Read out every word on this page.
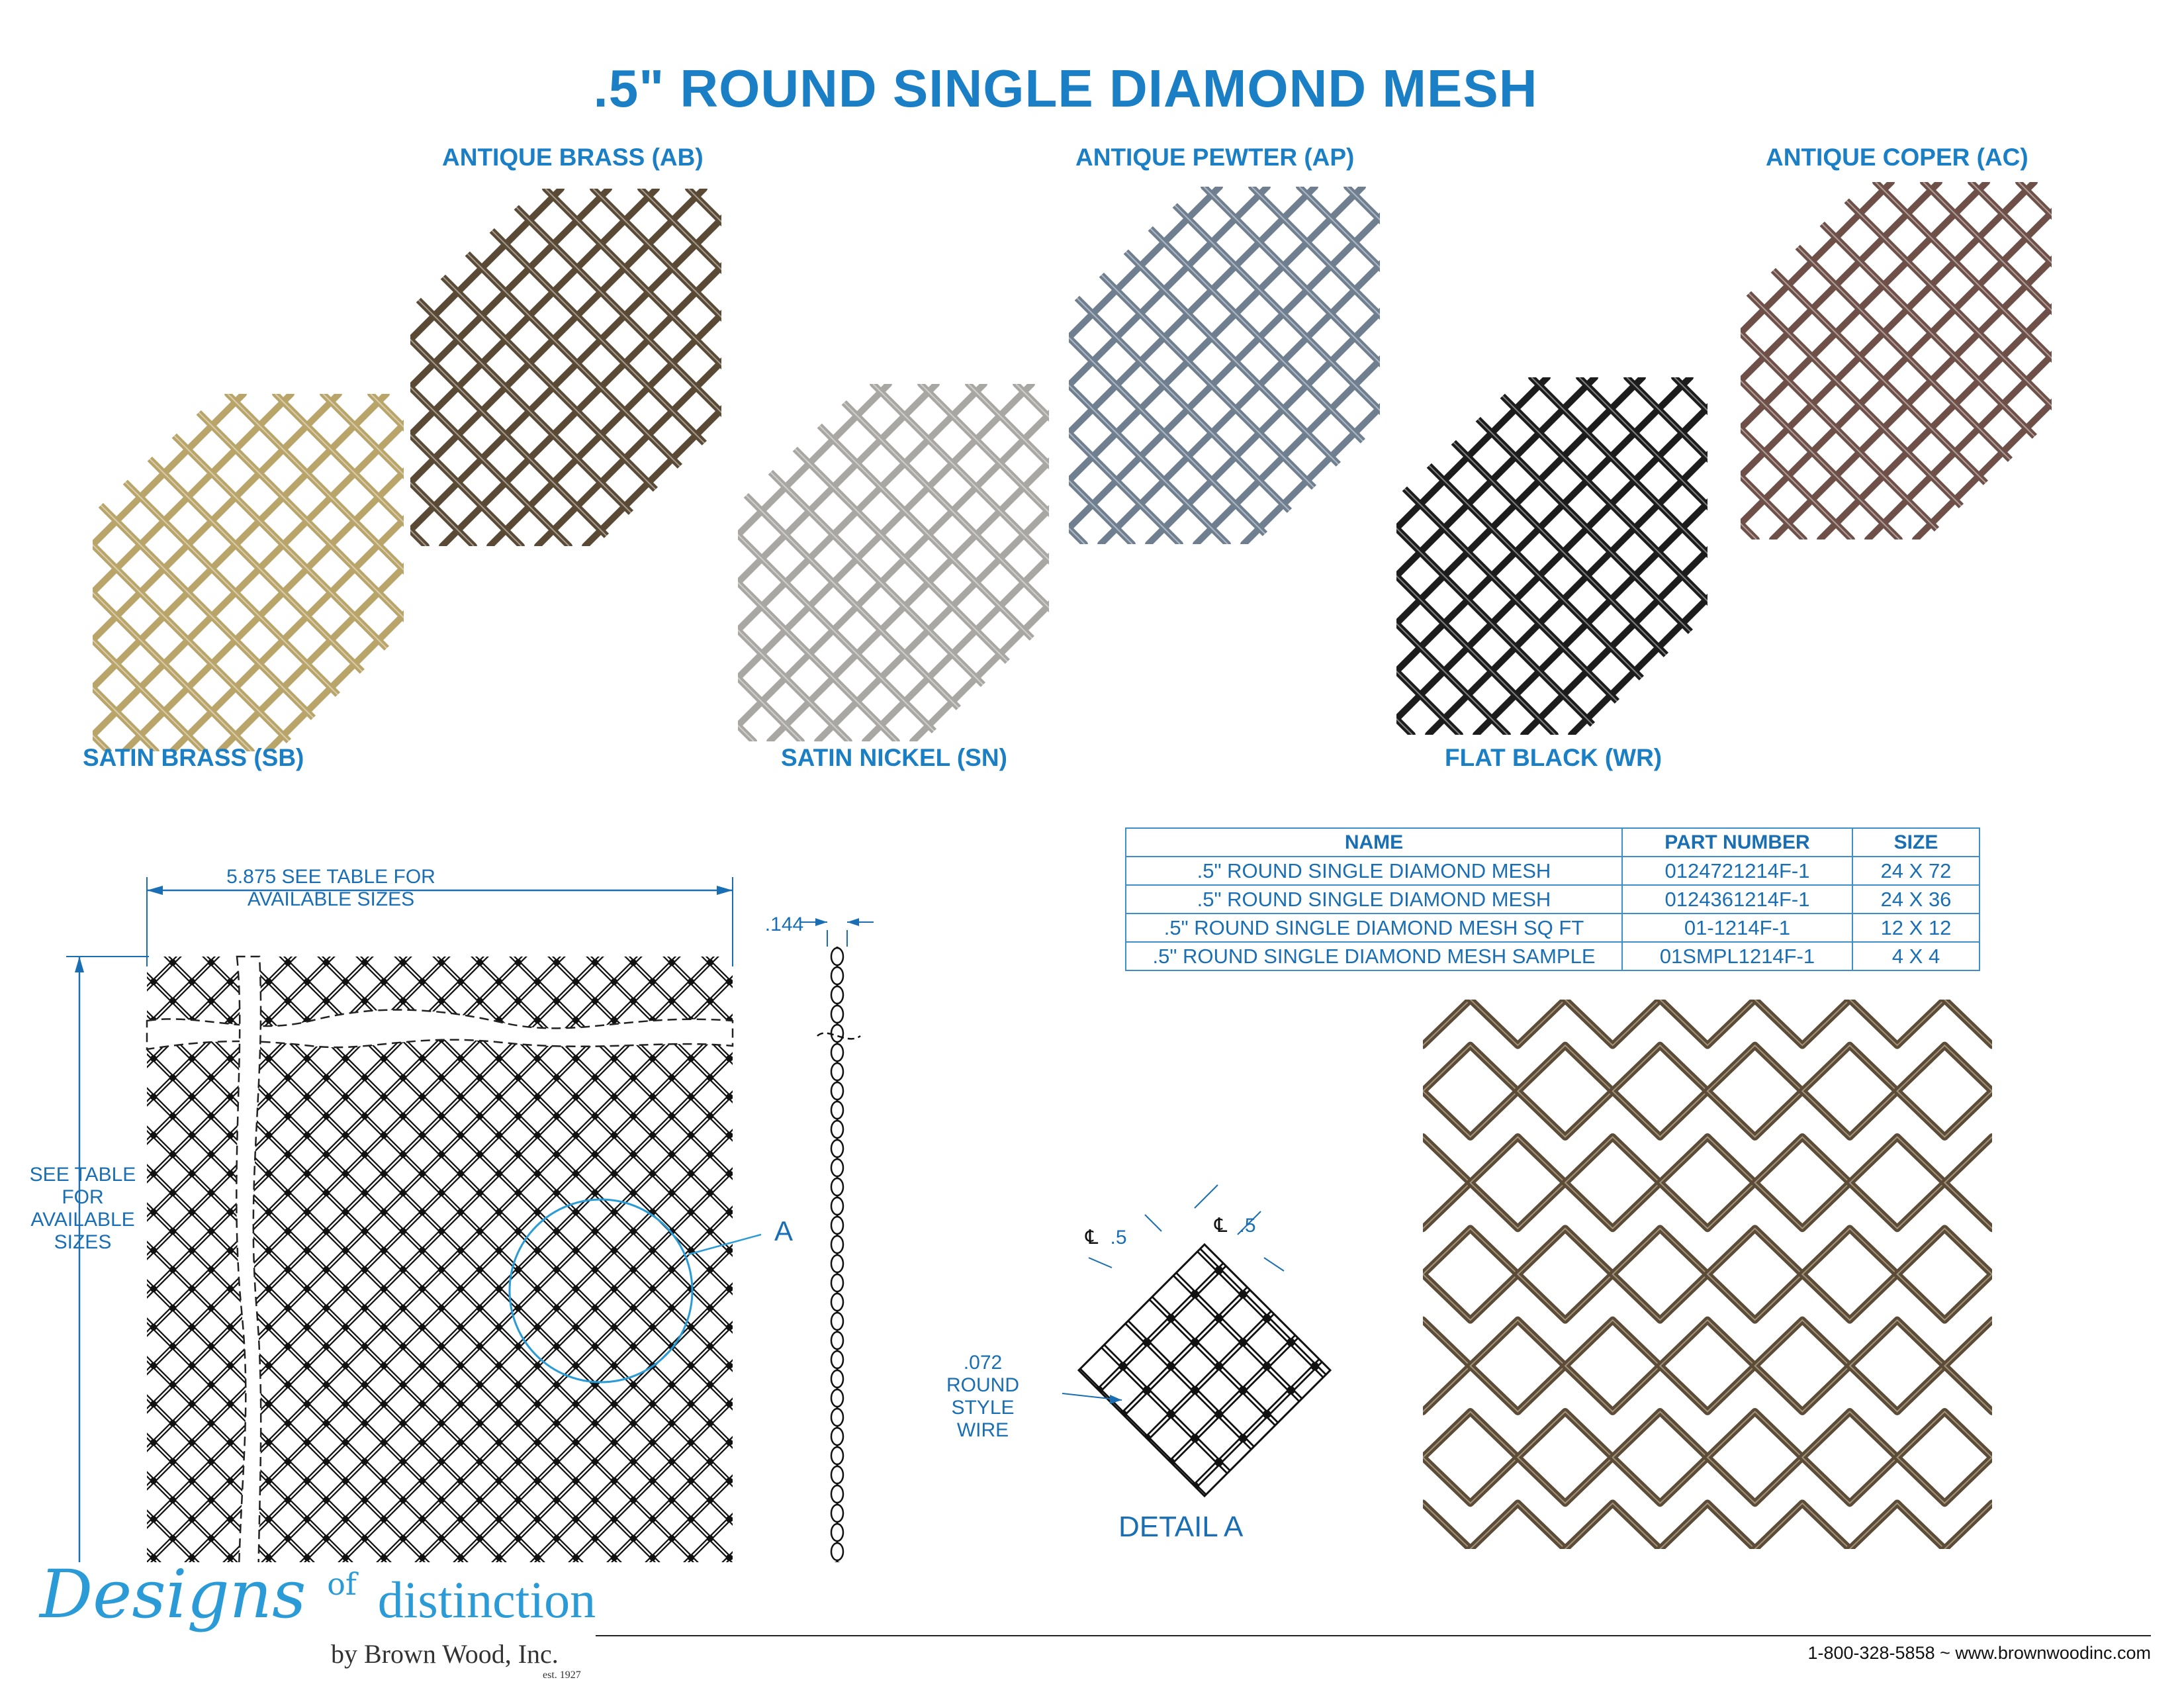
.5" ROUND SINGLE DIAMOND MESH
ANTIQUE BRASS (AB)	ANTIQUE PEWTER (AP)	ANTIQUE COPER (AC)
SATIN BRASS (SB)	SATIN NICKEL (SN)	FLAT BLACK (WR)
NAME	PART NUMBER	SIZE
.5" ROUND SINGLE DIAMOND MESH	0124721214F-1	24 X 72
.5" ROUND SINGLE DIAMOND MESH	0124361214F-1	24 X 36
.5" ROUND SINGLE DIAMOND MESH SQ FT	01-1214F-1	12 X 12
.5" ROUND SINGLE DIAMOND MESH SAMPLE	01SMPL1214F-1	4 X 4
5.875 SEE TABLE FOR AVAILABLE SIZES
SEE TABLE FOR AVAILABLE SIZES
.144
A	.5
.5
℄
℄
.072 ROUND STYLE WIRE
DETAIL A
Designs $^{of}$ distinction
by Brown Wood, Inc.
est. 1927
1-800-328-5858 ~ www.brownwoodinc.com
